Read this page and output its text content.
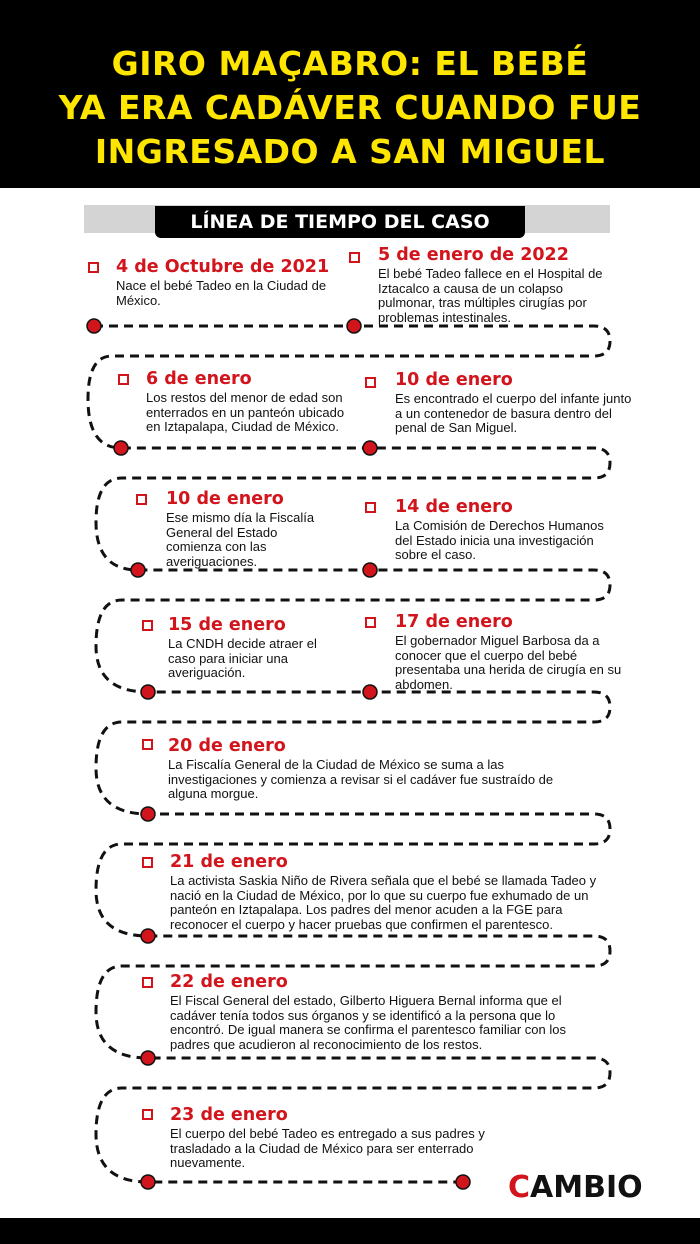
GIRO MAÇABRO: EL BEBÉ
YA ERA CADÁVER CUANDO FUE
INGRESADO A SAN MIGUEL
LÍNEA DE TIEMPO DEL CASO
4 de Octubre de 2021
Nace el bebé Tadeo en la Ciudad de México.
5 de enero de 2022
El bebé Tadeo fallece en el Hospital de Iztacalco a causa de un colapso pulmonar, tras múltiples cirugías por problemas intestinales.
6 de enero
Los restos del menor de edad son enterrados en un panteón ubicado en Iztapalapa, Ciudad de México.
10 de enero
Es encontrado el cuerpo del infante junto a un contenedor de basura dentro del penal de San Miguel.
10 de enero
Ese mismo día la Fiscalía General del Estado comienza con las averiguaciones.
14 de enero
La Comisión de Derechos Humanos del Estado inicia una investigación sobre el caso.
15 de enero
La CNDH decide atraer el caso para iniciar una averiguación.
17 de enero
El gobernador Miguel Barbosa da a conocer que el cuerpo del bebé presentaba una herida de cirugía en su abdomen.
20 de enero
La Fiscalía General de la Ciudad de México se suma a las investigaciones y comienza a revisar si el cadáver fue sustraído de alguna morgue.
21 de enero
La activista Saskia Niño de Rivera señala que el bebé se llamada Tadeo y nació en la Ciudad de México, por lo que su cuerpo fue exhumado de un panteón en Iztapalapa. Los padres del menor acuden a la FGE para reconocer el cuerpo y hacer pruebas que confirmen el parentesco.
22 de enero
El Fiscal General del estado, Gilberto Higuera Bernal informa que el cadáver tenía todos sus órganos y se identificó a la persona que lo encontró. De igual manera se confirma el parentesco familiar con los padres que acudieron al reconocimiento de los restos.
23 de enero
El cuerpo del bebé Tadeo es entregado a sus padres y trasladado a la Ciudad de México para ser enterrado nuevamente.
CAMBIO
